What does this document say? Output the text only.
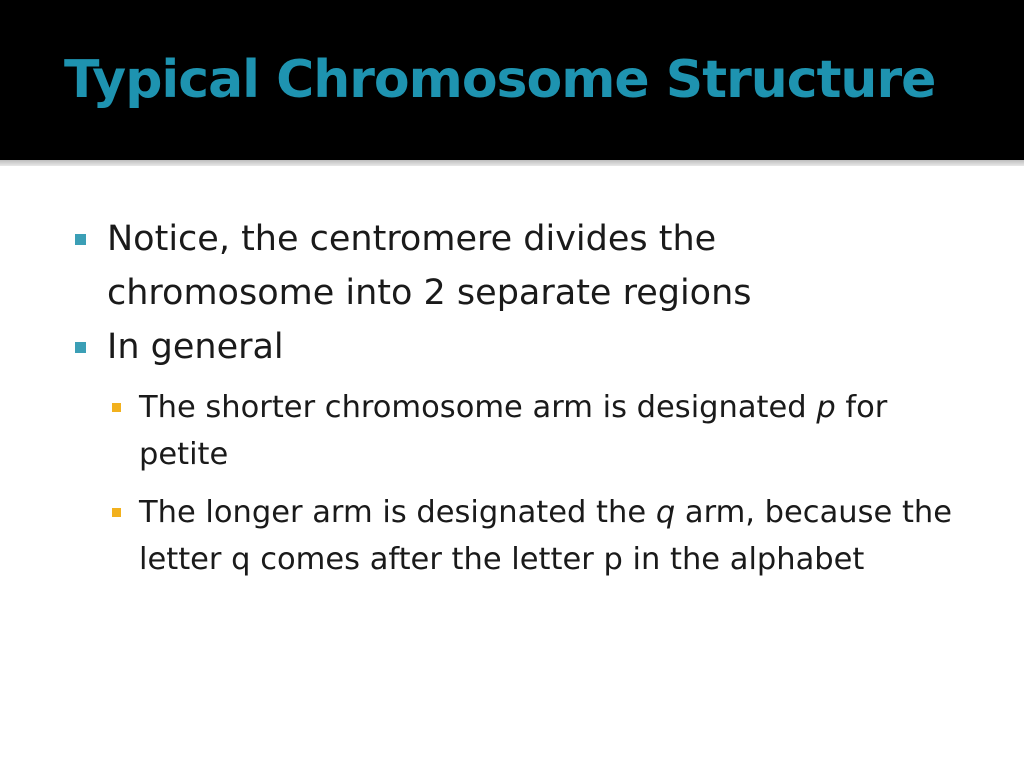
Typical Chromosome Structure
Notice, the centromere divides the chromosome into 2 separate regions
In general
The shorter chromosome arm is designated p for petite
The longer arm is designated the q arm, because the letter q comes after the letter p in the alphabet
